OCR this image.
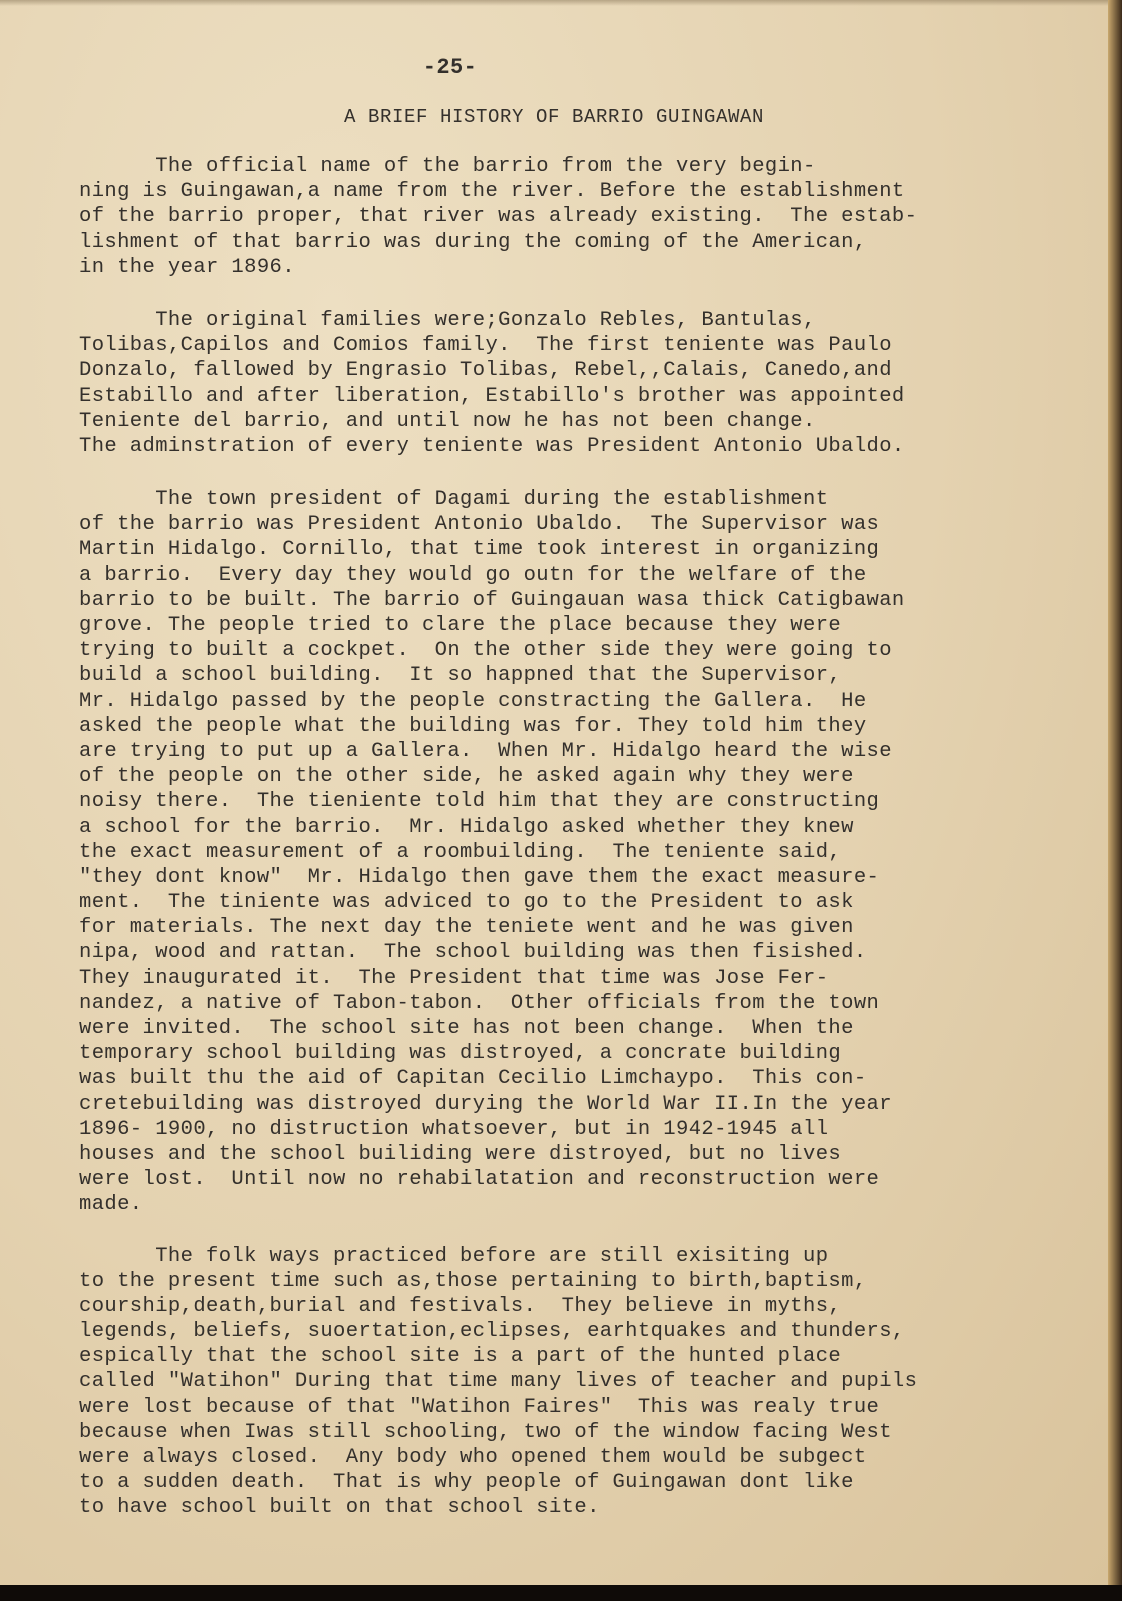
-25-
A BRIEF HISTORY OF BARRIO GUINGAWAN
The official name of the barrio from the very begin-
ning is Guingawan,a name from the river. Before the establishment
of the barrio proper, that river was already existing.  The estab-
lishment of that barrio was during the coming of the American,
in the year 1896.
The original families were;Gonzalo Rebles, Bantulas,
Tolibas,Capilos and Comios family.  The first teniente was Paulo
Donzalo, fallowed by Engrasio Tolibas, Rebel,,Calais, Canedo,and
Estabillo and after liberation, Estabillo's brother was appointed
Teniente del barrio, and until now he has not been change.
The adminstration of every teniente was President Antonio Ubaldo.
The town president of Dagami during the establishment
of the barrio was President Antonio Ubaldo.  The Supervisor was
Martin Hidalgo. Cornillo, that time took interest in organizing
a barrio.  Every day they would go outn for the welfare of the
barrio to be built. The barrio of Guingauan wasa thick Catigbawan
grove. The people tried to clare the place because they were
trying to built a cockpet.  On the other side they were going to
build a school building.  It so happned that the Supervisor,
Mr. Hidalgo passed by the people constracting the Gallera.  He
asked the people what the building was for. They told him they
are trying to put up a Gallera.  When Mr. Hidalgo heard the wise
of the people on the other side, he asked again why they were
noisy there.  The tieniente told him that they are constructing
a school for the barrio.  Mr. Hidalgo asked whether they knew
the exact measurement of a roombuilding.  The teniente said,
"they dont know"  Mr. Hidalgo then gave them the exact measure-
ment.  The tiniente was adviced to go to the President to ask
for materials. The next day the teniete went and he was given
nipa, wood and rattan.  The school building was then fisished.
They inaugurated it.  The President that time was Jose Fer-
nandez, a native of Tabon-tabon.  Other officials from the town
were invited.  The school site has not been change.  When the
temporary school building was distroyed, a concrate building
was built thu the aid of Capitan Cecilio Limchaypo.  This con-
cretebuilding was distroyed durying the World War II.In the year
1896- 1900, no distruction whatsoever, but in 1942-1945 all
houses and the school builiding were distroyed, but no lives
were lost.  Until now no rehabilatation and reconstruction were
made.
The folk ways practiced before are still exisiting up
to the present time such as,those pertaining to birth,baptism,
courship,death,burial and festivals.  They believe in myths,
legends, beliefs, suoertation,eclipses, earhtquakes and thunders,
espically that the school site is a part of the hunted place
called "Watihon" During that time many lives of teacher and pupils
were lost because of that "Watihon Faires"  This was realy true
because when Iwas still schooling, two of the window facing West
were always closed.  Any body who opened them would be subgect
to a sudden death.  That is why people of Guingawan dont like
to have school built on that school site.
